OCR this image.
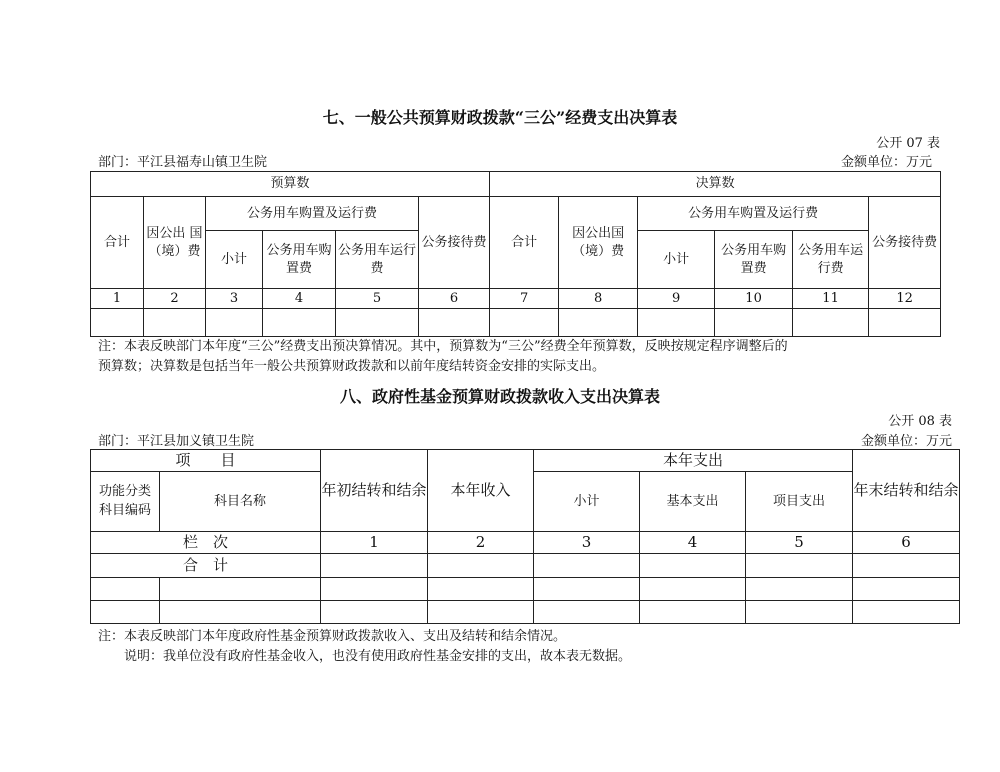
七、一般公共预算财政拨款“三公”经费支出决算表
公开 07 表
部门：平江县福寿山镇卫生院	金额单位：万元
预算数						决算数					
合计	因公出 国（境）费	公务用车购置及运行费			公务接待费	合计	因公出国（境）费	公务用车购置及运行费			公务接待费
		小计	公务用车购置费	公务用车运行费				小计	公务用车购置费	公务用车运行费	
1	2	3	4	5	6	7	8	9	10	11	12

注：本表反映部门本年度“三公”经费支出预决算情况。其中，预算数为“三公”经费全年预算数，反映按规定程序调整后的
预算数；决算数是包括当年一般公共预算财政拨款和以前年度结转资金安排的实际支出。
八、政府性基金预算财政拨款收入支出决算表
公开 08 表
部门：平江县加义镇卫生院	金额单位：万元
项　　目		年初结转和结余	本年收入	本年支出			年末结转和结余
功能分类科目编码	科目名称			小计	基本支出	项目支出	
栏　次		1	2	3	4	5	6
合　计							

注：本表反映部门本年度政府性基金预算财政拨款收入、支出及结转和结余情况。
说明：我单位没有政府性基金收入，也没有使用政府性基金安排的支出，故本表无数据。
